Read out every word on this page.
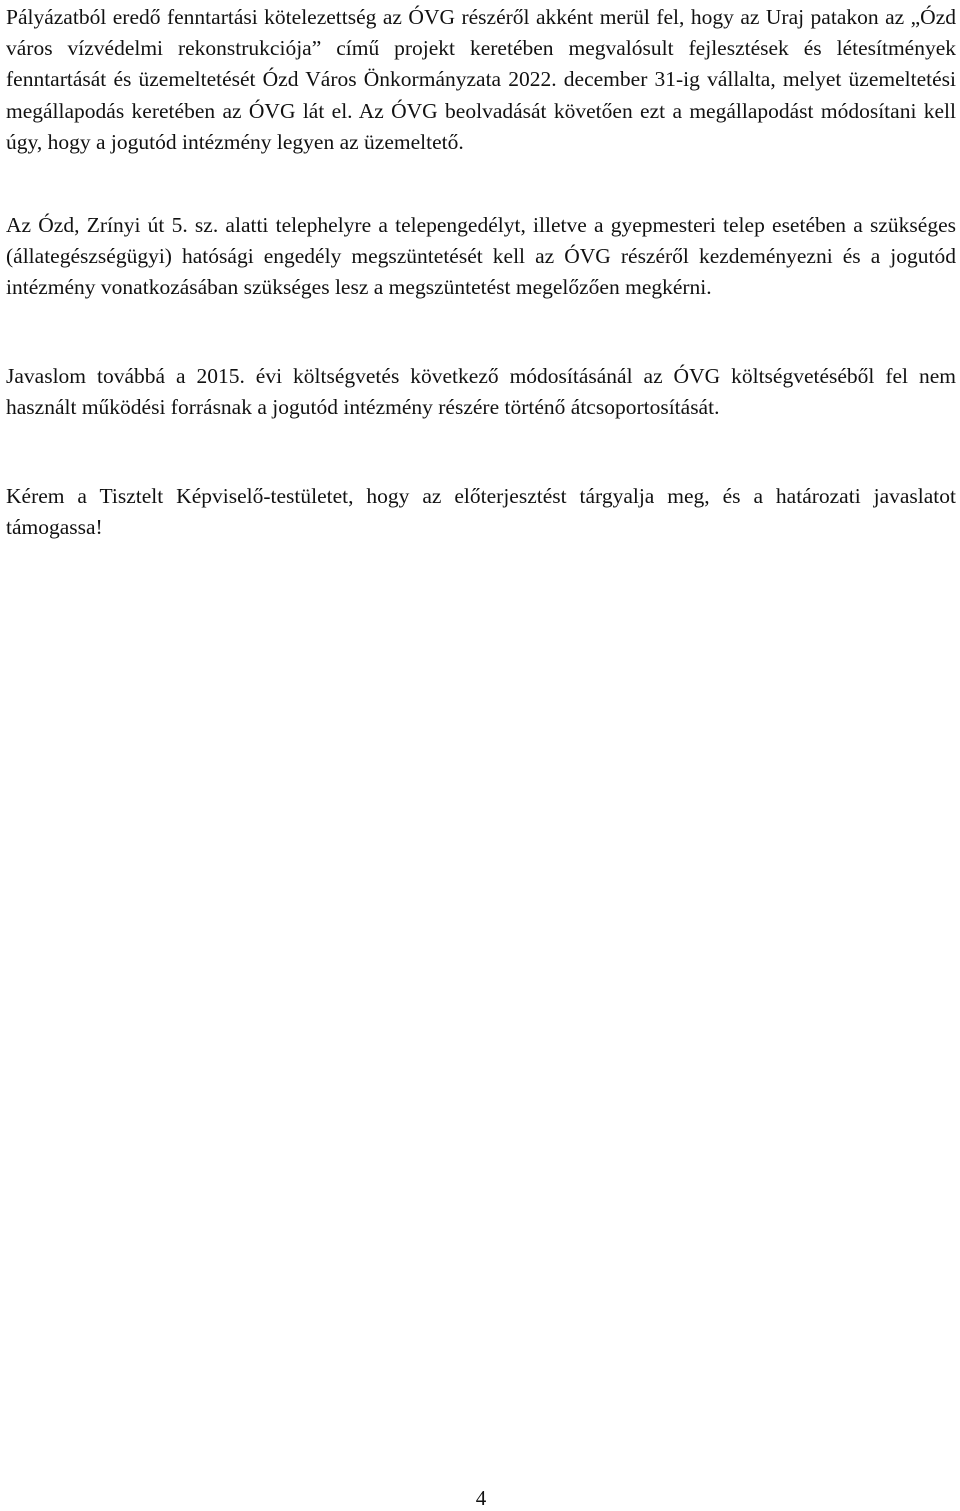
Pályázatból eredő fenntartási kötelezettség az ÓVG részéről akként merül fel, hogy az Uraj patakon az „Ózd város vízvédelmi rekonstrukciója” című projekt keretében megvalósult fejlesztések és létesítmények fenntartását és üzemeltetését Ózd Város Önkormányzata 2022. december 31-ig vállalta, melyet üzemeltetési megállapodás keretében az ÓVG lát el. Az ÓVG beolvadását követően ezt a megállapodást módosítani kell úgy, hogy a jogutód intézmény legyen az üzemeltető.

Az Ózd, Zrínyi út 5. sz. alatti telephelyre a telepengedélyt, illetve a gyepmesteri telep esetében a szükséges (állategészségügyi) hatósági engedély megszüntetését kell az ÓVG részéről kezdeményezni és a jogutód intézmény vonatkozásában szükséges lesz a megszüntetést megelőzően megkérni.

Javaslom továbbá a 2015. évi költségvetés következő módosításánál az ÓVG költségvetéséből fel nem használt működési forrásnak a jogutód intézmény részére történő átcsoportosítását.

Kérem a Tisztelt Képviselő-testületet, hogy az előterjesztést tárgyalja meg, és a határozati javaslatot támogassa!

4
